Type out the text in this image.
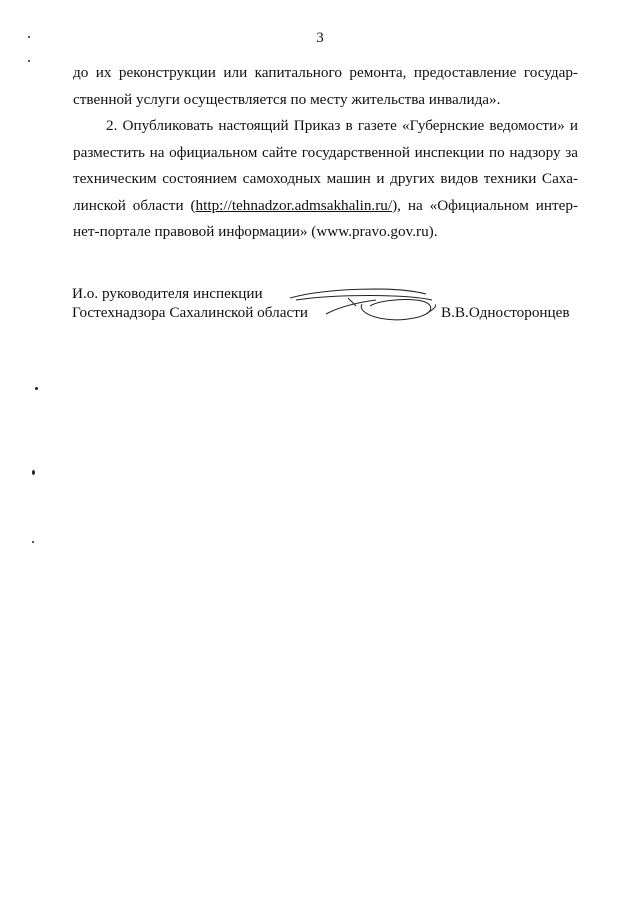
3
до их реконструкции или капитального ремонта, предоставление государ-
ственной услуги осуществляется по месту жительства инвалида».
2. Опубликовать настоящий Приказ в газете «Губернские ведомости» и
разместить на официальном сайте государственной инспекции по надзору за
техническим состоянием самоходных машин и других видов техники Саха-
линской области (http://tehnadzor.admsakhalin.ru/), на «Официальном интер-
нет-портале правовой информации» (www.pravo.gov.ru).
И.о. руководителя инспекции
Гостехнадзора Сахалинской области	В.В.Односторонцев
